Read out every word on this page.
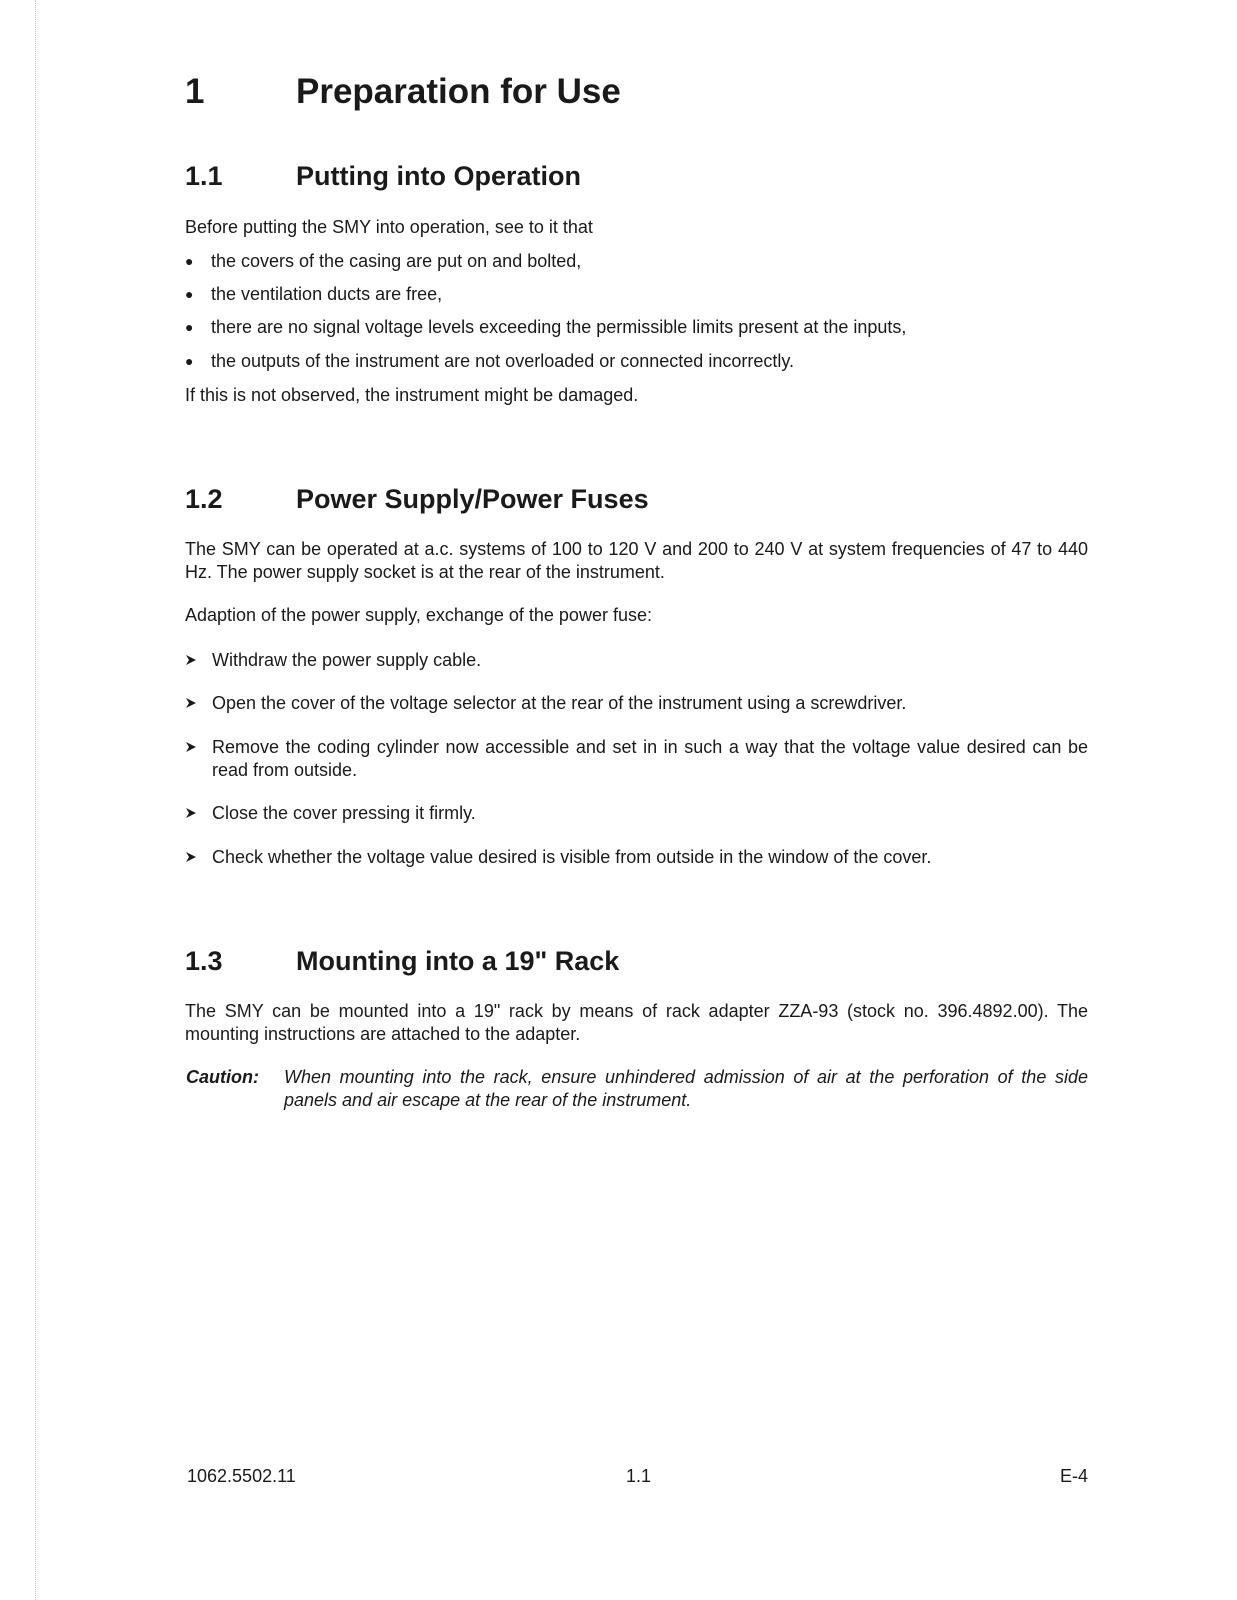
1	Preparation for Use
1.1	Putting into Operation
Before putting the SMY into operation, see to it that
● the covers of the casing are put on and bolted,
● the ventilation ducts are free,
● there are no signal voltage levels exceeding the permissible limits present at the inputs,
● the outputs of the instrument are not overloaded or connected incorrectly.
If this is not observed, the instrument might be damaged.
1.2	Power Supply/Power Fuses
The SMY can be operated at a.c. systems of 100 to 120 V and 200 to 240 V at system frequencies of 47 to 440 Hz. The power supply socket is at the rear of the instrument.
Adaption of the power supply, exchange of the power fuse:
Withdraw the power supply cable.
Open the cover of the voltage selector at the rear of the instrument using a screwdriver.
Remove the coding cylinder now accessible and set in in such a way that the voltage value desired can be read from outside.
Close the cover pressing it firmly.
Check whether the voltage value desired is visible from outside in the window of the cover.
1.3	Mounting into a 19" Rack
The SMY can be mounted into a 19" rack by means of rack adapter ZZA-93 (stock no. 396.4892.00). The mounting instructions are attached to the adapter.
Caution:	When mounting into the rack, ensure unhindered admission of air at the perforation of the side panels and air escape at the rear of the instrument.
1062.5502.11	1.1	E-4
